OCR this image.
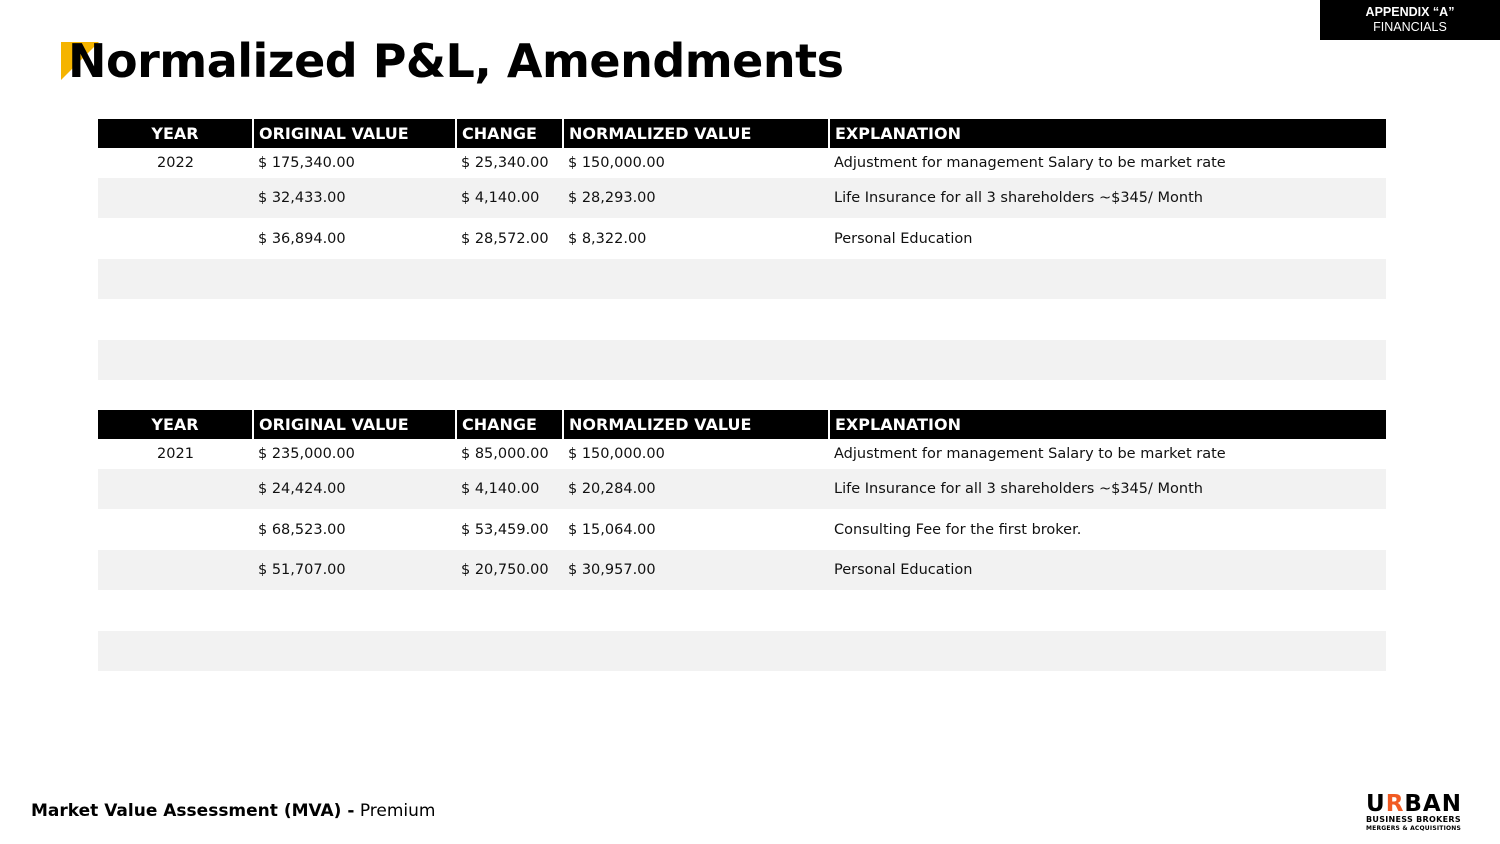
APPENDIX “A”
FINANCIALS
Normalized P&L, Amendments
YEAR	ORIGINAL VALUE	CHANGE	NORMALIZED VALUE	EXPLANATION
2022	$ 175,340.00	$ 25,340.00	$ 150,000.00	Adjustment for management Salary to be market rate
	$ 32,433.00	$ 4,140.00	$ 28,293.00	Life Insurance for all 3 shareholders ~$345/ Month
	$ 36,894.00	$ 28,572.00	$ 8,322.00	Personal Education

YEAR	ORIGINAL VALUE	CHANGE	NORMALIZED VALUE	EXPLANATION
2021	$ 235,000.00	$ 85,000.00	$ 150,000.00	Adjustment for management Salary to be market rate
	$ 24,424.00	$ 4,140.00	$ 20,284.00	Life Insurance for all 3 shareholders ~$345/ Month
	$ 68,523.00	$ 53,459.00	$ 15,064.00	Consulting Fee for the first broker.
	$ 51,707.00	$ 20,750.00	$ 30,957.00	Personal Education

Market Value Assessment (MVA) - Premium	URBAN
BUSINESS BROKERS
MERGERS & ACQUISITIONS
